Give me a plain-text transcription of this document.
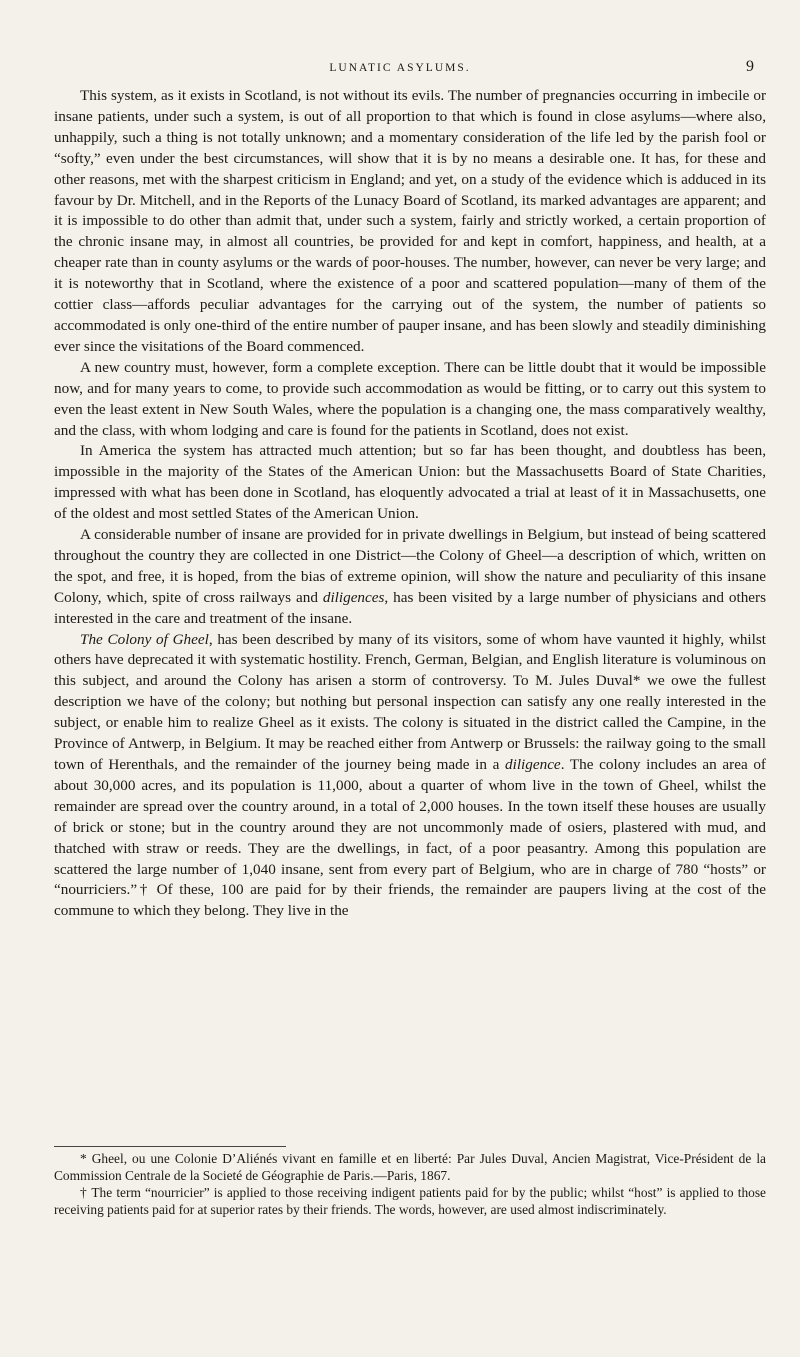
LUNATIC ASYLUMS.	9

This system, as it exists in Scotland, is not without its evils. The number of pregnancies occurring in imbecile or insane patients, under such a system, is out of all proportion to that which is found in close asylums—where also, unhappily, such a thing is not totally unknown; and a momentary consideration of the life led by the parish fool or “softy,” even under the best circumstances, will show that it is by no means a desirable one. It has, for these and other reasons, met with the sharpest criticism in England; and yet, on a study of the evidence which is adduced in its favour by Dr. Mitchell, and in the Reports of the Lunacy Board of Scotland, its marked advantages are apparent; and it is impossible to do other than admit that, under such a system, fairly and strictly worked, a certain proportion of the chronic insane may, in almost all countries, be provided for and kept in comfort, happiness, and health, at a cheaper rate than in county asylums or the wards of poor-houses. The number, however, can never be very large; and it is noteworthy that in Scotland, where the existence of a poor and scattered population—many of them of the cottier class—affords peculiar advantages for the carrying out of the system, the number of patients so accommodated is only one-third of the entire number of pauper insane, and has been slowly and steadily diminishing ever since the visitations of the Board commenced.

A new country must, however, form a complete exception. There can be little doubt that it would be impossible now, and for many years to come, to provide such accommodation as would be fitting, or to carry out this system to even the least extent in New South Wales, where the population is a changing one, the mass comparatively wealthy, and the class, with whom lodging and care is found for the patients in Scotland, does not exist.

In America the system has attracted much attention; but so far has been thought, and doubtless has been, impossible in the majority of the States of the American Union: but the Massachusetts Board of State Charities, impressed with what has been done in Scotland, has eloquently advocated a trial at least of it in Massachusetts, one of the oldest and most settled States of the American Union.

A considerable number of insane are provided for in private dwellings in Belgium, but instead of being scattered throughout the country they are collected in one District—the Colony of Gheel—a description of which, written on the spot, and free, it is hoped, from the bias of extreme opinion, will show the nature and peculiarity of this insane Colony, which, spite of cross railways and diligences, has been visited by a large number of physicians and others interested in the care and treatment of the insane.

The Colony of Gheel, has been described by many of its visitors, some of whom have vaunted it highly, whilst others have deprecated it with systematic hostility. French, German, Belgian, and English literature is voluminous on this subject, and around the Colony has arisen a storm of controversy. To M. Jules Duval* we owe the fullest description we have of the colony; but nothing but personal inspection can satisfy any one really interested in the subject, or enable him to realize Gheel as it exists. The colony is situated in the district called the Campine, in the Province of Antwerp, in Belgium. It may be reached either from Antwerp or Brussels: the railway going to the small town of Herenthals, and the remainder of the journey being made in a diligence. The colony includes an area of about 30,000 acres, and its population is 11,000, about a quarter of whom live in the town of Gheel, whilst the remainder are spread over the country around, in a total of 2,000 houses. In the town itself these houses are usually of brick or stone; but in the country around they are not uncommonly made of osiers, plastered with mud, and thatched with straw or reeds. They are the dwellings, in fact, of a poor peasantry. Among this population are scattered the large number of 1,040 insane, sent from every part of Belgium, who are in charge of 780 “hosts” or “nourriciers.”† Of these, 100 are paid for by their friends, the remainder are paupers living at the cost of the commune to which they belong. They live in the

* Gheel, ou une Colonie D’Aliénés vivant en famille et en liberté: Par Jules Duval, Ancien Magistrat, Vice-Président de la Commission Centrale de la Societé de Géographie de Paris.—Paris, 1867.

† The term “nourricier” is applied to those receiving indigent patients paid for by the public; whilst “host” is applied to those receiving patients paid for at superior rates by their friends. The words, however, are used almost indiscriminately.
